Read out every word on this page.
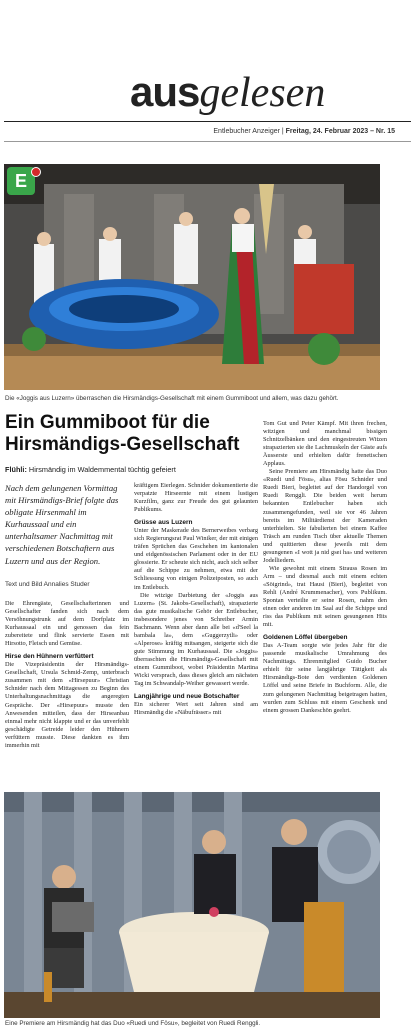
ausgelesen
Entlebucher Anzeiger | Freitag, 24. Februar 2023 – Nr. 15
E
Die «Joggis aus Luzern» überraschen die Hirsmändigs-Gesellschaft mit einem Gummiboot und allem, was dazu gehört.
Ein Gummiboot für die Hirsmändigs-Gesellschaft
Flühli: Hirsmändig im Waldemmental tüchtig gefeiert
Nach dem gelungenen Vormittag mit Hirsmändigs-Brief folgte das obligate Hirsenmahl im Kurhaussaal und ein unterhaltsamer Nachmittag mit verschiedenen Botschaftern aus Luzern und aus der Region.
Text und Bild Annalies Studer

Die Ehrengäste, Gesellschafterinnen und Gesellschafter fanden sich nach dem Versöhnungstrunk auf dem Dorfplatz im Kurhaussaal ein und genossen das fein zubereitete und flink servierte Essen mit Hirsotto, Fleisch und Gemüse.

Hirse den Hühnern verfüttert

Die Vizepräsidentin der Hirsmändigs-Gesellschaft, Ursula Schmid-Zemp, unterbrach zusammen mit dem «Hirsepuur» Christian Schnider nach dem Mittagessen zu Beginn des Unterhaltungsnachmittags die angeregten Gespräche. Der «Hirsepuur» musste den Anwesenden mitteilen, dass der Hirseanbau einmal mehr nicht klappte und er das unverfehlt geschädigte Getreide leider den Hühnern verfüttern musste. Diese dankten es ihm immerhin mit

kräftigem Eierlegen. Schnider dokumentierte die verpatzte Hirseernte mit einem lustigen Kurzfilm, ganz zur Freude des gut gelaunten Publikums.

Grüsse aus Luzern

Unter der Maskerade des Bernerweibes verbarg sich Regierungsrat Paul Winiker, der mit einigen träfen Sprüchen das Geschehen im kantonalen und eidgenössischen Parlament oder in der EU glossierte. Er scheute sich nicht, auch sich selber auf die Schippe zu nehmen, etwa mit der Schliessung von einigen Polizeiposten, so auch im Entlebuch.

Die witzige Darbietung der «Joggis aus Luzern» (St. Jakobs-Gesellschaft), strapazierte das gute musikalische Gehör der Entlebucher, insbesondere jenes von Schreiber Armin Bachmann. Wenn aber dann alle bei «d'Seel la bambala la», dem «Guggerzytli» oder «Alperose» kräftig mitsangen, steigerte sich die gute Stimmung im Kurhaussaal. Die «Joggis» überraschten die Hirsmändigs-Gesellschaft mit einem Gummiboot, wobei Präsidentin Martina Wicki versprach, dass dieses gleich am nächsten Tag im Schwandalp-Weiher gewassert werde.

Langjährige und neue Botschafter

Ein sicherer Wert seit Jahren sind am Hirsmändig die «Näbufrässer» mit

Tom Gut und Peter Kämpf. Mit ihren frechen, witzigen und manchmal bissigen Schnitzelbänken und den eingestreuten Witzen strapazierten sie die Lachmuskeln der Gäste aufs Äusserste und erhielten dafür frenetischen Applaus.

Seine Premiere am Hirsmändig hatte das Duo «Ruedi und Fösu», alias Fösu Schnider und Ruedi Bieri, begleitet auf der Handorgel von Ruedi Renggli. Die beiden weit herum bekannten Entlebucher haben sich zusammengefunden, weil sie vor 46 Jahren bereits im Militärdienst der Kameraden unterhielten. Sie fabulierten bei einem Kaffee Träsch am runden Tisch über aktuelle Themen und quittierten diese jeweils mit dem gesungenen «I wott ja nid gsei ha» und weiteren Jodelliedern.

Wie gewohnt mit einem Strauss Rosen im Arm – und diesmal auch mit einem echten «Söigrind», trat Hausi (Bieri), begleitet von Rehli (André Krummenacher), vors Publikum. Spontan verteilte er seine Rosen, nahm den einen oder anderen im Saal auf die Schippe und riss das Publikum mit seinen gesungenen Hits mit.

Goldenen Löffel übergeben

Das A-Team sorgte wie jedes Jahr für die passende musikalische Umrahmung des Nachmittags. Ehrenmitglied Guido Bucher erhielt für seine langjährige Tätigkeit als Hirsmändigs-Bote den verdienten Goldenen Löffel und seine Briefe in Buchform. Alle, die zum gelungenen Nachmittag beigetragen hatten, wurden zum Schluss mit einem Geschenk und einem grossen Dankeschön geehrt.

Eine Premiere am Hirsmändig hat das Duo «Ruedi und Fösu», begleitet von Ruedi Renggli.
